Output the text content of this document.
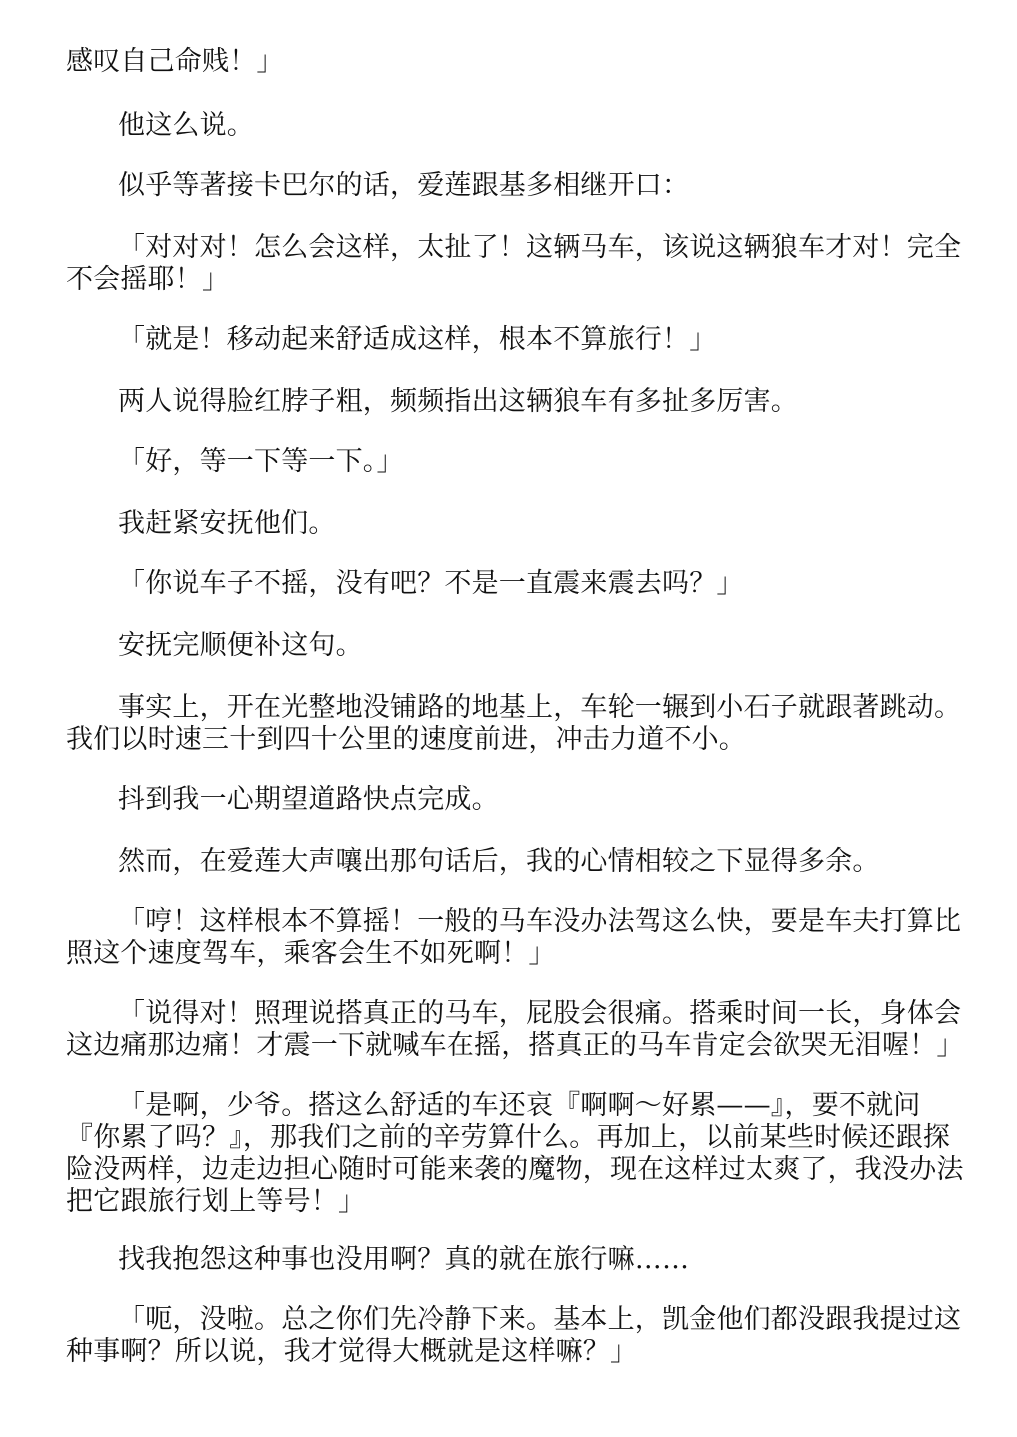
感叹自己命贱！」

他这么说。

似乎等著接卡巴尔的话，爱莲跟基多相继开口：

「对对对！怎么会这样，太扯了！这辆马车，该说这辆狼车才对！完全
不会摇耶！」

「就是！移动起来舒适成这样，根本不算旅行！」

两人说得脸红脖子粗，频频指出这辆狼车有多扯多厉害。

「好，等一下等一下。」

我赶紧安抚他们。

「你说车子不摇，没有吧？不是一直震来震去吗？」

安抚完顺便补这句。

事实上，开在光整地没铺路的地基上，车轮一辗到小石子就跟著跳动。
我们以时速三十到四十公里的速度前进，冲击力道不小。

抖到我一心期望道路快点完成。

然而，在爱莲大声嚷出那句话后，我的心情相较之下显得多余。

「哼！这样根本不算摇！一般的马车没办法驾这么快，要是车夫打算比
照这个速度驾车，乘客会生不如死啊！」

「说得对！照理说搭真正的马车，屁股会很痛。搭乘时间一长，身体会
这边痛那边痛！才震一下就喊车在摇，搭真正的马车肯定会欲哭无泪喔！」

「是啊，少爷。搭这么舒适的车还哀『啊啊～好累——』，要不就问
『你累了吗？』，那我们之前的辛劳算什么。再加上，以前某些时候还跟探
险没两样，边走边担心随时可能来袭的魔物，现在这样过太爽了，我没办法
把它跟旅行划上等号！」

找我抱怨这种事也没用啊？真的就在旅行嘛……

「呃，没啦。总之你们先冷静下来。基本上，凯金他们都没跟我提过这
种事啊？所以说，我才觉得大概就是这样嘛？」
